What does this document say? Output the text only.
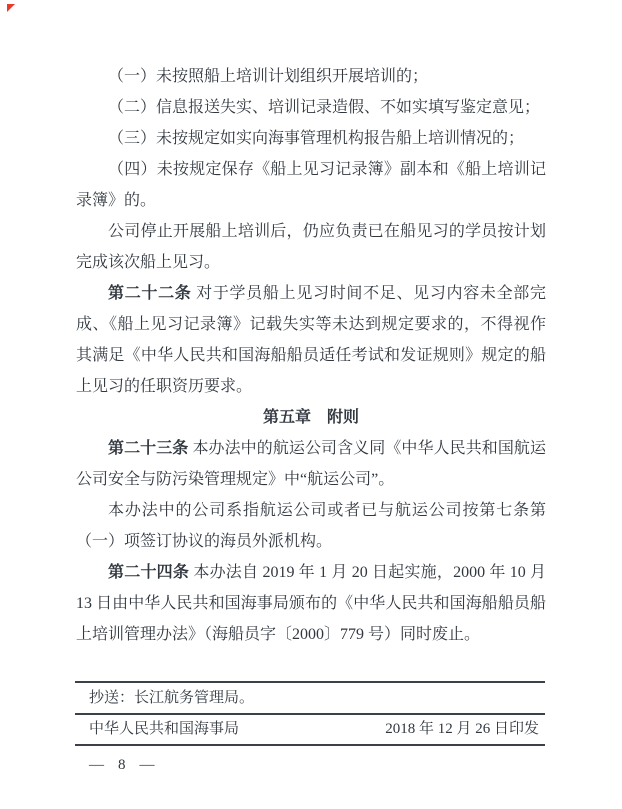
（一）未按照船上培训计划组织开展培训的；

（二）信息报送失实、培训记录造假、不如实填写鉴定意见；

（三）未按规定如实向海事管理机构报告船上培训情况的；

（四）未按规定保存《船上见习记录簿》副本和《船上培训记录簿》的。

公司停止开展船上培训后，仍应负责已在船见习的学员按计划完成该次船上见习。

第二十二条 对于学员船上见习时间不足、见习内容未全部完成、《船上见习记录簿》记载失实等未达到规定要求的，不得视作其满足《中华人民共和国海船船员适任考试和发证规则》规定的船上见习的任职资历要求。

第五章　附则

第二十三条 本办法中的航运公司含义同《中华人民共和国航运公司安全与防污染管理规定》中“航运公司”。

本办法中的公司系指航运公司或者已与航运公司按第七条第（一）项签订协议的海员外派机构。

第二十四条 本办法自 2019 年 1 月 20 日起实施，2000 年 10 月 13 日由中华人民共和国海事局颁布的《中华人民共和国海船船员船上培训管理办法》（海船员字〔2000〕779 号）同时废止。

抄送：长江航务管理局。
中华人民共和国海事局	2018 年 12 月 26 日印发
— 8 —
